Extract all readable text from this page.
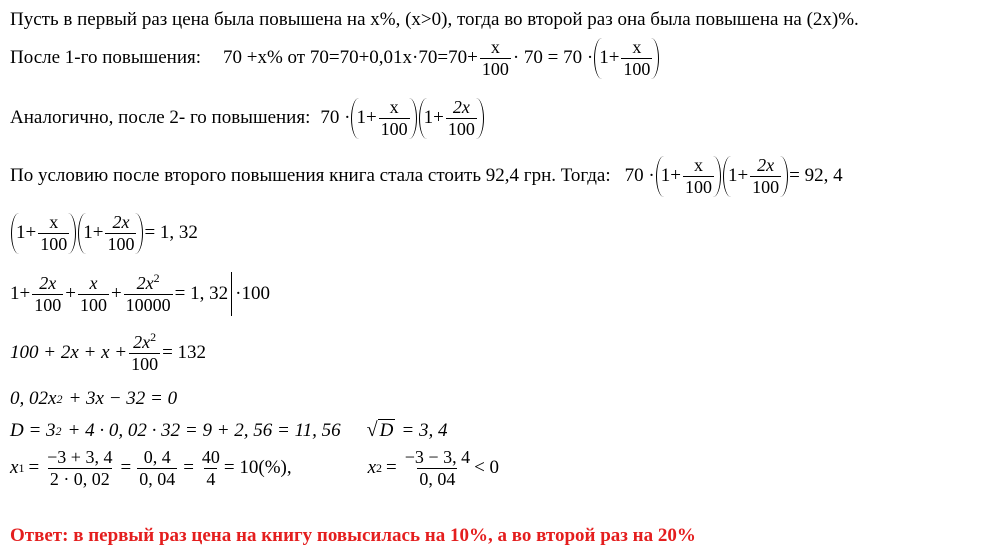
Пусть в первый раз цена была повышена на x%, (x>0), тогда во второй раз она была повышена на (2x)%.
После 1-го повышения: 70 +x% от $70=70+0,01x\cdot 70=70+ \frac{x}{100} \cdot 70 = 70 \cdot 1+ \frac{x}{100}$
Аналогично, после 2- го повышения: $70 \cdot 1+ \frac{x}{100} 1+ \frac{2x}{100}$
По условию после второго повышения книга стала стоить 92,4 грн. Тогда: $70 \cdot 1+ \frac{x}{100} 1+ \frac{2x}{100} = 92$, 4
$1+ \frac{x}{100} 1+ \frac{2x}{100} = 1$, 32
$1+ \frac{2x}{100} + \frac{x}{100} + \frac{2x^2}{10000} = 1$, 32 ·100
$100 + 2x + x + \frac{2x^2}{100} = 132$
0, 02x 2 + 3x − 32 = 0
D = 3 2 + 4 · 0, 02 · 32 = 9 + 2, 56 = 11, 56 √ D = 3, 4
x $1 = \frac{-3 + 3, 4}{2 \cdot 0, 02} = \frac{0, 4}{0, 04} = \frac{40}{4} = 10(\%)$,	x $2 = \frac{-3 - 3, 4}{0, 04} < 0$
Ответ: в первый раз цена на книгу повысилась на 10%, а во второй раз на 20%
